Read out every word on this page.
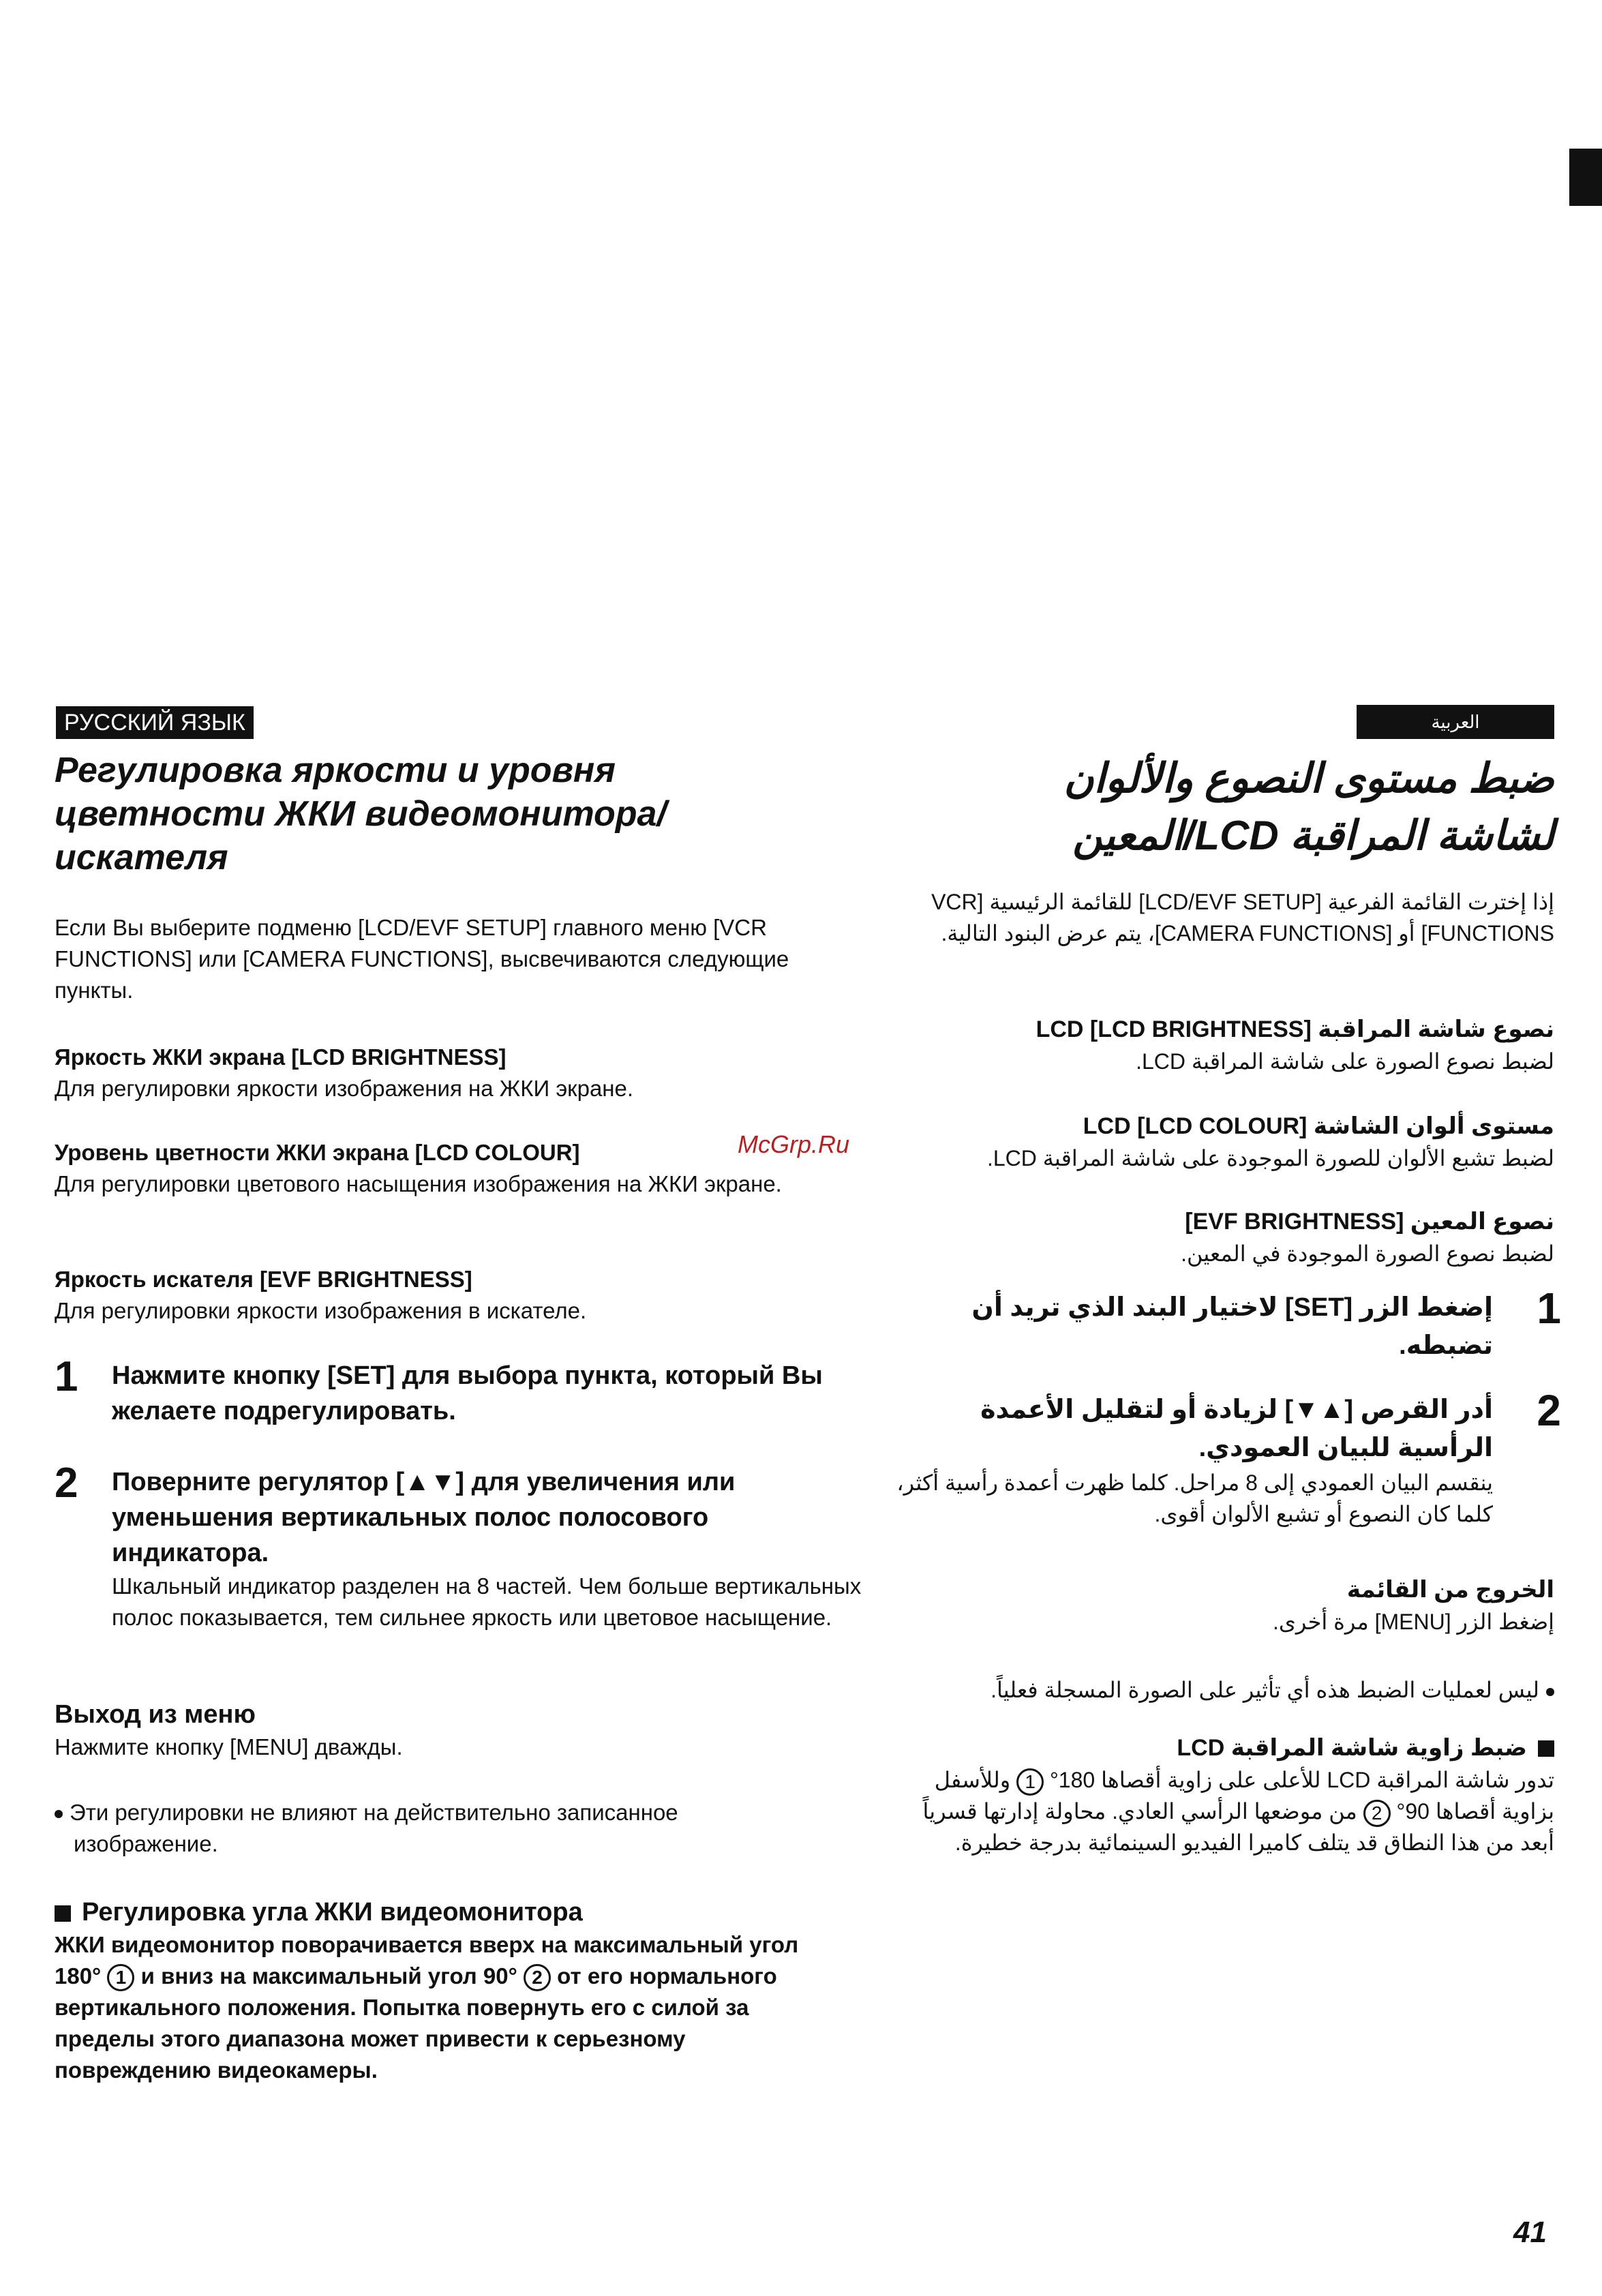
РУССКИЙ ЯЗЫК
Регулировка яркости и уровня цветности ЖКИ видеомонитора/ искателя
Если Вы выберите подменю [LCD/EVF SETUP] главного меню [VCR FUNCTIONS] или [CAMERA FUNCTIONS], высвечиваются следующие пункты.
Яркость ЖКИ экрана [LCD BRIGHTNESS]
Для регулировки яркости изображения на ЖКИ экране.
Уровень цветности ЖКИ экрана [LCD COLOUR]
Для регулировки цветового насыщения изображения на ЖКИ экране.
Яркость искателя [EVF BRIGHTNESS]
Для регулировки яркости изображения в искателе.
1 Нажмите кнопку [SET] для выбора пункта, который Вы желаете подрегулировать.
2 Поверните регулятор [▲▼] для увеличения или уменьшения вертикальных полос полосового индикатора.
Шкальный индикатор разделен на 8 частей. Чем больше вертикальных полос показывается, тем сильнее яркость или цветовое насыщение.
Выход из меню
Нажмите кнопку [MENU] дважды.
Эти регулировки не влияют на действительно записанное изображение.
Регулировка угла ЖКИ видеомонитора
ЖКИ видеомонитор поворачивается вверх на максимальный угол 180° 1 и вниз на максимальный угол 90° 2 от его нормального вертикального положения. Попытка повернуть его с силой за пределы этого диапазона может привести к серьезному повреждению видеокамеры.
العربية
ضبط مستوى النصوع والألوان
لشاشة المراقبة LCD/المعين
إذا إخترت القائمة الفرعية [LCD/EVF SETUP] للقائمة الرئيسية [VCR FUNCTIONS] أو [CAMERA FUNCTIONS]، يتم عرض البنود التالية.
نصوع شاشة المراقبة LCD [LCD BRIGHTNESS]
لضبط نصوع الصورة على شاشة المراقبة LCD.
مستوى ألوان الشاشة LCD [LCD COLOUR]
لضبط تشبع الألوان للصورة الموجودة على شاشة المراقبة LCD.
نصوع المعين [EVF BRIGHTNESS]
لضبط نصوع الصورة الموجودة في المعين.
1
إضغط الزر [SET] لاختيار البند الذي تريد أن تضبطه.
2
أدر القرص [▲▼] لزيادة أو لتقليل الأعمدة الرأسية للبيان العمودي.
ينقسم البيان العمودي إلى 8 مراحل. كلما ظهرت أعمدة رأسية أكثر، كلما كان النصوع أو تشبع الألوان أقوى.
الخروج من القائمة
إضغط الزر [MENU] مرة أخرى.
ليس لعمليات الضبط هذه أي تأثير على الصورة المسجلة فعلياً.
ضبط زاوية شاشة المراقبة LCD
تدور شاشة المراقبة LCD للأعلى على زاوية أقصاها 180° 1 وللأسفل بزاوية أقصاها 90° 2 من موضعها الرأسي العادي. محاولة إدارتها قسرياً أبعد من هذا النطاق قد يتلف كاميرا الفيديو السينمائية بدرجة خطيرة.
McGrp.Ru
41
